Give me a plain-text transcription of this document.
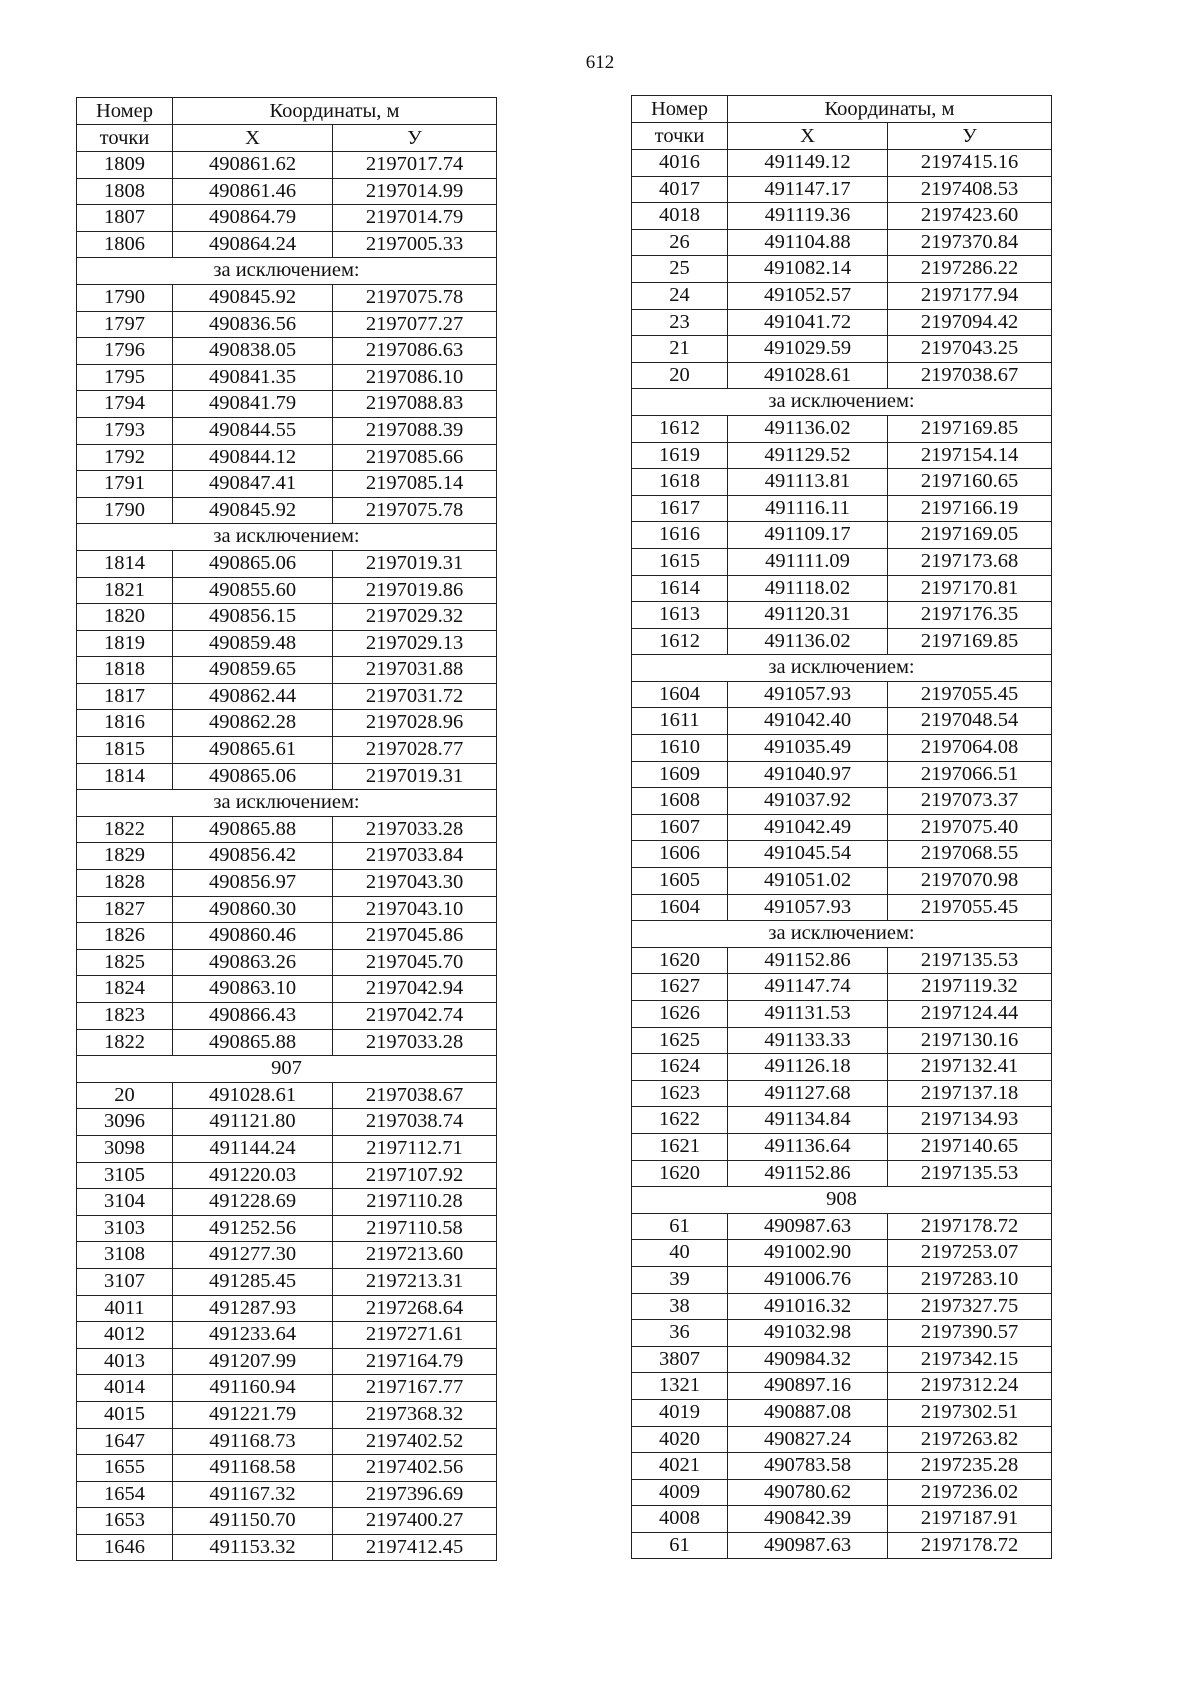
612
Номер	Координаты, м	
точки	X	У
1809	490861.62	2197017.74
1808	490861.46	2197014.99
1807	490864.79	2197014.79
1806	490864.24	2197005.33
за исключением:		
1790	490845.92	2197075.78
1797	490836.56	2197077.27
1796	490838.05	2197086.63
1795	490841.35	2197086.10
1794	490841.79	2197088.83
1793	490844.55	2197088.39
1792	490844.12	2197085.66
1791	490847.41	2197085.14
1790	490845.92	2197075.78
за исключением:		
1814	490865.06	2197019.31
1821	490855.60	2197019.86
1820	490856.15	2197029.32
1819	490859.48	2197029.13
1818	490859.65	2197031.88
1817	490862.44	2197031.72
1816	490862.28	2197028.96
1815	490865.61	2197028.77
1814	490865.06	2197019.31
за исключением:		
1822	490865.88	2197033.28
1829	490856.42	2197033.84
1828	490856.97	2197043.30
1827	490860.30	2197043.10
1826	490860.46	2197045.86
1825	490863.26	2197045.70
1824	490863.10	2197042.94
1823	490866.43	2197042.74
1822	490865.88	2197033.28
907		
20	491028.61	2197038.67
3096	491121.80	2197038.74
3098	491144.24	2197112.71
3105	491220.03	2197107.92
3104	491228.69	2197110.28
3103	491252.56	2197110.58
3108	491277.30	2197213.60
3107	491285.45	2197213.31
4011	491287.93	2197268.64
4012	491233.64	2197271.61
4013	491207.99	2197164.79
4014	491160.94	2197167.77
4015	491221.79	2197368.32
1647	491168.73	2197402.52
1655	491168.58	2197402.56
1654	491167.32	2197396.69
1653	491150.70	2197400.27
1646	491153.32	2197412.45
Номер	Координаты, м	
точки	X	У
4016	491149.12	2197415.16
4017	491147.17	2197408.53
4018	491119.36	2197423.60
26	491104.88	2197370.84
25	491082.14	2197286.22
24	491052.57	2197177.94
23	491041.72	2197094.42
21	491029.59	2197043.25
20	491028.61	2197038.67
за исключением:		
1612	491136.02	2197169.85
1619	491129.52	2197154.14
1618	491113.81	2197160.65
1617	491116.11	2197166.19
1616	491109.17	2197169.05
1615	491111.09	2197173.68
1614	491118.02	2197170.81
1613	491120.31	2197176.35
1612	491136.02	2197169.85
за исключением:		
1604	491057.93	2197055.45
1611	491042.40	2197048.54
1610	491035.49	2197064.08
1609	491040.97	2197066.51
1608	491037.92	2197073.37
1607	491042.49	2197075.40
1606	491045.54	2197068.55
1605	491051.02	2197070.98
1604	491057.93	2197055.45
за исключением:		
1620	491152.86	2197135.53
1627	491147.74	2197119.32
1626	491131.53	2197124.44
1625	491133.33	2197130.16
1624	491126.18	2197132.41
1623	491127.68	2197137.18
1622	491134.84	2197134.93
1621	491136.64	2197140.65
1620	491152.86	2197135.53
908		
61	490987.63	2197178.72
40	491002.90	2197253.07
39	491006.76	2197283.10
38	491016.32	2197327.75
36	491032.98	2197390.57
3807	490984.32	2197342.15
1321	490897.16	2197312.24
4019	490887.08	2197302.51
4020	490827.24	2197263.82
4021	490783.58	2197235.28
4009	490780.62	2197236.02
4008	490842.39	2197187.91
61	490987.63	2197178.72
